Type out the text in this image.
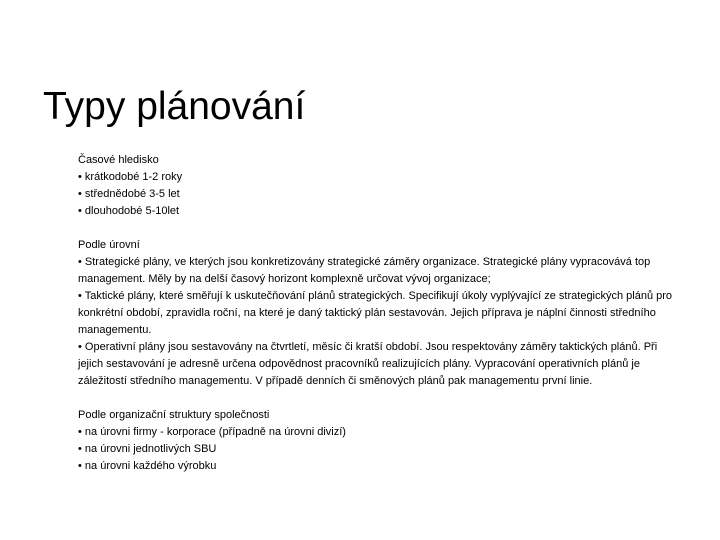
Typy plánování
Časové hledisko
• krátkodobé 1-2 roky
• střednědobé 3-5 let
• dlouhodobé 5-10let
Podle úrovní
• Strategické plány, ve kterých jsou konkretizovány strategické záměry organizace. Strategické plány vypracovává top management. Měly by na delší časový horizont komplexně určovat vývoj organizace;
• Taktické plány, které směřují k uskutečňování plánů strategických. Specifikují úkoly vyplývající ze strategických plánů pro konkrétní období, zpravidla roční, na které je daný taktický plán sestavován. Jejich příprava je náplní činnosti středního managementu.
• Operativní plány jsou sestavovány na čtvrtletí, měsíc či kratší období. Jsou respektovány záměry taktických plánů. Při jejich sestavování je adresně určena odpovědnost pracovníků realizujících plány. Vypracování operativních plánů je záležitostí středního managementu. V případě denních či směnových plánů pak managementu první linie.
Podle organizační struktury společnosti
• na úrovni firmy - korporace (případně na úrovni divizí)
• na úrovni jednotlivých SBU
• na úrovni každého výrobku
